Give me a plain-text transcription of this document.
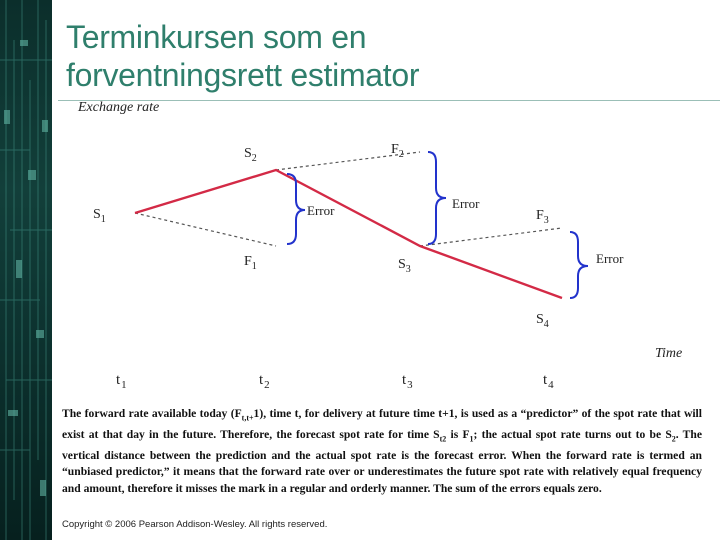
Terminkursen som en
forventningsrett estimator
Exchange rate
Time
$S_1$
$S_2$
$S_3$
$S_4$
$F_1$
$F_2$
$F_3$
Error	Error
Error
$t_1$	$t_2$	$t_3$	$t_4$
The forward rate available today $(F_{t,t+}1)$, time t, for delivery at future time t+1, is used as a “predictor” of the spot rate that will exist at that day in the future. Therefore, the forecast spot rate for time $S_{t2}$ is $F_1$; the actual spot rate turns out to be $S_2$. The vertical distance between the prediction and the actual spot rate is the forecast error. When the forward rate is termed an “unbiased predictor,” it means that the forward rate over or underestimates the future spot rate with relatively equal frequency and amount, therefore it misses the mark in a regular and orderly manner. The sum of the errors equals zero.
Copyright © 2006 Pearson Addison-Wesley. All rights reserved.
